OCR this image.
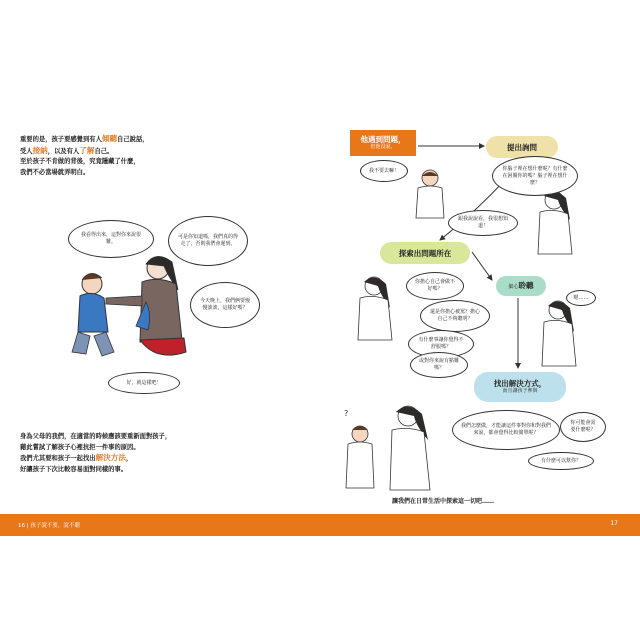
重要的是，孩子要感覺到有人傾聽自己說話，
受人接納，以及有人了解自己。
至於孩子不肯做的背後，究竟隱藏了什麼，
我們不必當場就弄明白。
我看得出來，這對你來說很難。
可是你知道嗎，我們真的得走了，否則我們會遲到。
今天晚上，我們俩要慢慢談談，這樣好嗎？
好，就這樣吧！
身為父母的我們，在適當的時候應該要重新面對孩子，
藉此嘗試了解孩子心裡抗拒一件事的原因。
我們尤其要和孩子一起找出解決方法，
好讓孩子下次比較容易面對同樣的事。
他遇到問題，
但他沒說。	提出詢問
探索出問題所在
細心聆聽
找出解決方式，
而且讓孩子參與
?
我不要去嘛！	你腦子裡在想什麼呢？有什麼在困擾你的嗎？腦子裡在想什麼？
跟我說說看，我很想知道！
你擔心自己會做不好嗎？
還是你擔心被罵？擔心自己不夠聰明？
有什麼事讓你覺得不舒服嗎？
或對你來說有點難嗎？
嗯……
我們怎麼做，才能讓這件事對你和對我們來說，都會覺得比較簡單呢？
你可能會需要什麼呢？
有什麼可以幫你？
讓我們在日常生活中探索這一切吧……
16 | 孩子說不要，說不聽	17
